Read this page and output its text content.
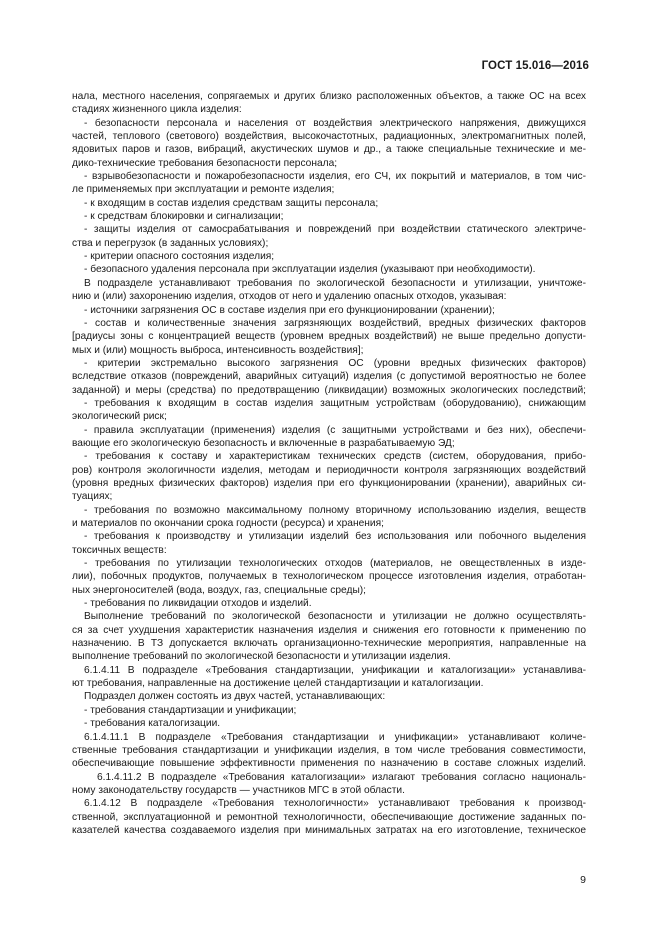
ГОСТ 15.016—2016
нала, местного населения, сопрягаемых и других близко расположенных объектов, а также ОС на всех
стадиях жизненного цикла изделия:
- безопасности персонала и населения от воздействия электрического напряжения, движущихся
частей, теплового (светового) воздействия, высокочастотных, радиационных, электромагнитных полей,
ядовитых паров и газов, вибраций, акустических шумов и др., а также специальные технические и ме-
дико-технические требования безопасности персонала;
- взрывобезопасности и пожаробезопасности изделия, его СЧ, их покрытий и материалов, в том чис-
ле применяемых при эксплуатации и ремонте изделия;
- к входящим в состав изделия средствам защиты персонала;
- к средствам блокировки и сигнализации;
- защиты изделия от самосрабатывания и повреждений при воздействии статического электриче-
ства и перегрузок (в заданных условиях);
- критерии опасного состояния изделия;
- безопасного удаления персонала при эксплуатации изделия (указывают при необходимости).
В подразделе устанавливают требования по экологической безопасности и утилизации, уничтоже-
нию и (или) захоронению изделия, отходов от него и удалению опасных отходов, указывая:
- источники загрязнения ОС в составе изделия при его функционировании (хранении);
- состав и количественные значения загрязняющих воздействий, вредных физических факторов
[радиусы зоны с концентрацией веществ (уровнем вредных воздействий) не выше предельно допусти-
мых и (или) мощность выброса, интенсивность воздействия];
- критерии экстремально высокого загрязнения ОС (уровни вредных физических факторов)
вследствие отказов (повреждений, аварийных ситуаций) изделия (с допустимой вероятностью не более
заданной) и меры (средства) по предотвращению (ликвидации) возможных экологических последствий;
- требования к входящим в состав изделия защитным устройствам (оборудованию), снижающим
экологический риск;
- правила эксплуатации (применения) изделия (с защитными устройствами и без них), обеспечи-
вающие его экологическую безопасность и включенные в разрабатываемую ЭД;
- требования к составу и характеристикам технических средств (систем, оборудования, прибо-
ров) контроля экологичности изделия, методам и периодичности контроля загрязняющих воздействий
(уровня вредных физических факторов) изделия при его функционировании (хранении), аварийных си-
туациях;
- требования по возможно максимальному полному вторичному использованию изделия, веществ
и материалов по окончании срока годности (ресурса) и хранения;
- требования к производству и утилизации изделий без использования или побочного выделения
токсичных веществ:
- требования по утилизации технологических отходов (материалов, не овеществленных в изде-
лии), побочных продуктов, получаемых в технологическом процессе изготовления изделия, отработан-
ных энергоносителей (вода, воздух, газ, специальные среды);
- требования по ликвидации отходов и изделий.
Выполнение требований по экологической безопасности и утилизации не должно осуществлять-
ся за счет ухудшения характеристик назначения изделия и снижения его готовности к применению по
назначению. В ТЗ допускается включать организационно-технические мероприятия, направленные на
выполнение требований по экологической безопасности и утилизации изделия.
6.1.4.11 В подразделе «Требования стандартизации, унификации и каталогизации» устанавлива-
ют требования, направленные на достижение целей стандартизации и каталогизации.
Подраздел должен состоять из двух частей, устанавливающих:
- требования стандартизации и унификации;
- требования каталогизации.
6.1.4.11.1 В подразделе «Требования стандартизации и унификации» устанавливают количе-
ственные требования стандартизации и унификации изделия, в том числе требования совместимости,
обеспечивающие повышение эффективности применения по назначению в составе сложных изделий.
6.1.4.11.2 В подразделе «Требования каталогизации» излагают требования согласно националь-
ному законодательству государств — участников МГС в этой области.
6.1.4.12 В подразделе «Требования технологичности» устанавливают требования к производ-
ственной, эксплуатационной и ремонтной технологичности, обеспечивающие достижение заданных по-
казателей качества создаваемого изделия при минимальных затратах на его изготовление, техническое
9
